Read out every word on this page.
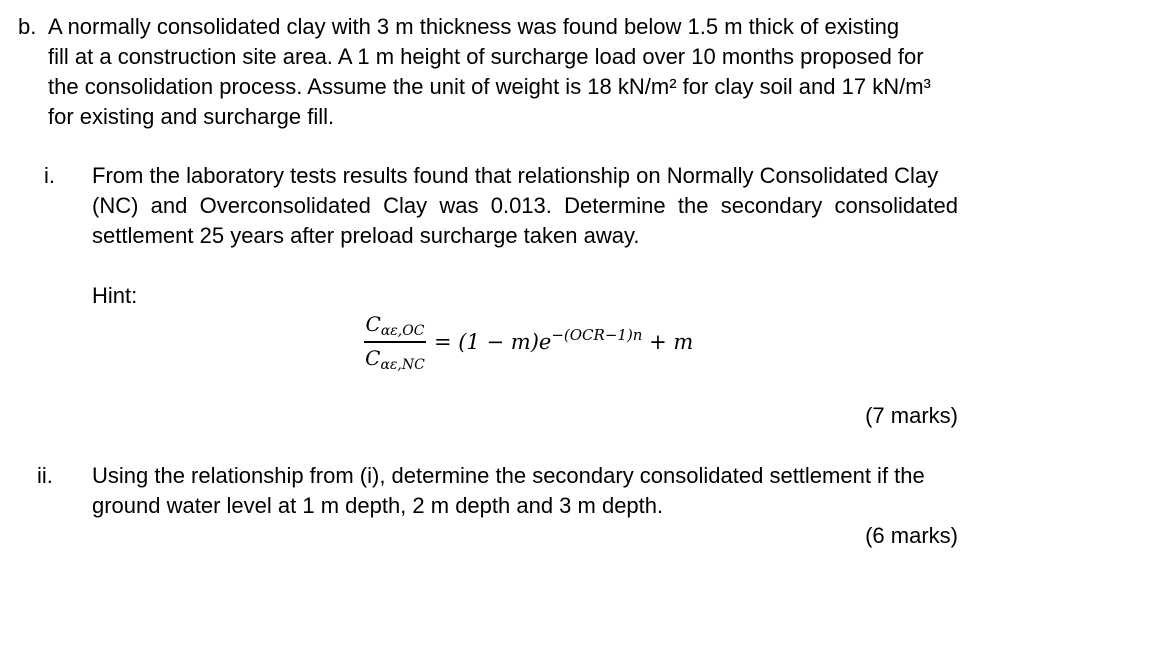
b. A normally consolidated clay with 3 m thickness was found below 1.5 m thick of existing
fill at a construction site area. A 1 m height of surcharge load over 10 months proposed for
the consolidation process. Assume the unit of weight is 18 kN/m² for clay soil and 17 kN/m³
for existing and surcharge fill.
i. From the laboratory tests results found that relationship on Normally Consolidated Clay
(NC) and Overconsolidated Clay was 0.013. Determine the secondary consolidated
settlement 25 years after preload surcharge taken away.
Hint:
$C_{\alpha\varepsilon,OC}$
$C_{\alpha\varepsilon,NC}$
= $(1 - m)e^{-(OCR-1)n} + m$
(7 marks)
ii. Using the relationship from (i), determine the secondary consolidated settlement if the
ground water level at 1 m depth, 2 m depth and 3 m depth.
(6 marks)
